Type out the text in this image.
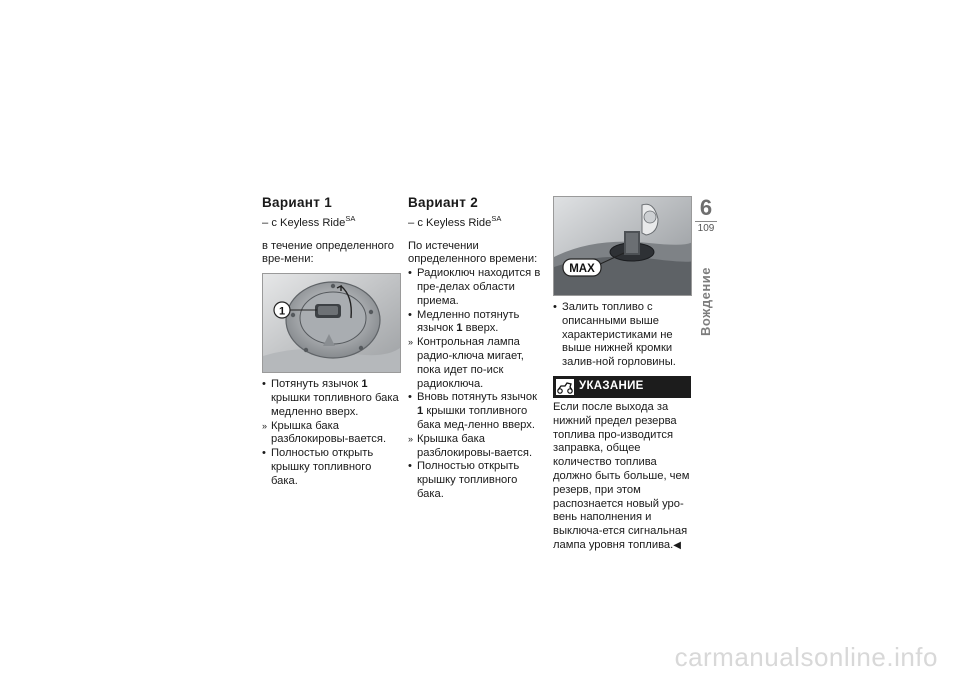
Вариант 1

– с Keyless Ride$^{SA}$

в течение определенного вре-мени:

1
• Потянуть язычок 1 крышки топливного бака медленно вверх.
» Крышка бака разблокировы-вается.
• Полностью открыть крышку топливного бака.
Вариант 2

– с Keyless Ride$^{SA}$

По истечении определенного времени:

• Радиоключ находится в пре-делах области приема.
• Медленно потянуть язычок 1 вверх.
» Контрольная лампа радио-ключа мигает, пока идет по-иск радиоключа.
• Вновь потянуть язычок 1 крышки топливного бака мед-ленно вверх.
» Крышка бака разблокировы-вается.
• Полностью открыть крышку топливного бака.
MAX
• Залить топливо с описанными выше характеристиками не выше нижней кромки залив-ной горловины.
УКАЗАНИЕ

Если после выхода за нижний предел резерва топлива про-изводится заправка, общее количество топлива должно быть больше, чем резерв, при этом распознается новый уро-вень наполнения и выключа-ется сигнальная лампа уровня топлива.◀

6
109
Вождение
carmanualsonline.info
